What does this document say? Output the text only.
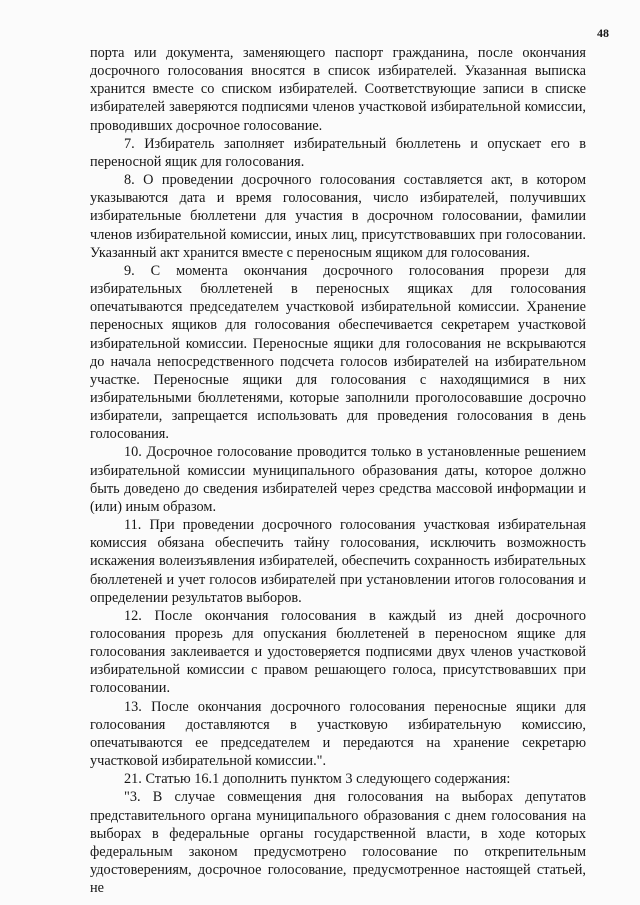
48

порта или документа, заменяющего паспорт гражданина, после окончания досрочного голосования вносятся в список избирателей. Указанная выписка хранится вместе со списком избирателей. Соответствующие записи в списке избирателей заверяются подписями членов участковой избирательной комиссии, проводивших досрочное голосование.

7. Избиратель заполняет избирательный бюллетень и опускает его в переносной ящик для голосования.

8. О проведении досрочного голосования составляется акт, в котором указываются дата и время голосования, число избирателей, получивших избирательные бюллетени для участия в досрочном голосовании, фамилии членов избирательной комиссии, иных лиц, присутствовавших при голосовании. Указанный акт хранится вместе с переносным ящиком для голосования.

9. С момента окончания досрочного голосования прорези для избирательных бюллетеней в переносных ящиках для голосования опечатываются председателем участковой избирательной комиссии. Хранение переносных ящиков для голосования обеспечивается секретарем участковой избирательной комиссии. Переносные ящики для голосования не вскрываются до начала непосредственного подсчета голосов избирателей на избирательном участке. Переносные ящики для голосования с находящимися в них избирательными бюллетенями, которые заполнили проголосовавшие досрочно избиратели, запрещается использовать для проведения голосования в день голосования.

10. Досрочное голосование проводится только в установленные решением избирательной комиссии муниципального образования даты, которое должно быть доведено до сведения избирателей через средства массовой информации и (или) иным образом.

11. При проведении досрочного голосования участковая избирательная комиссия обязана обеспечить тайну голосования, исключить возможность искажения волеизъявления избирателей, обеспечить сохранность избирательных бюллетеней и учет голосов избирателей при установлении итогов голосования и определении результатов выборов.

12. После окончания голосования в каждый из дней досрочного голосования прорезь для опускания бюллетеней в переносном ящике для голосования заклеивается и удостоверяется подписями двух членов участковой избирательной комиссии с правом решающего голоса, присутствовавших при голосовании.

13. После окончания досрочного голосования переносные ящики для голосования доставляются в участковую избирательную комиссию, опечатываются ее председателем и передаются на хранение секретарю участковой избирательной комиссии.".

21. Статью 16.1 дополнить пунктом 3 следующего содержания:

"3. В случае совмещения дня голосования на выборах депутатов представительного органа муниципального образования с днем голосования на выборах в федеральные органы государственной власти, в ходе которых федеральным законом предусмотрено голосование по открепительным удостоверениям, досрочное голосование, предусмотренное настоящей статьей, не
